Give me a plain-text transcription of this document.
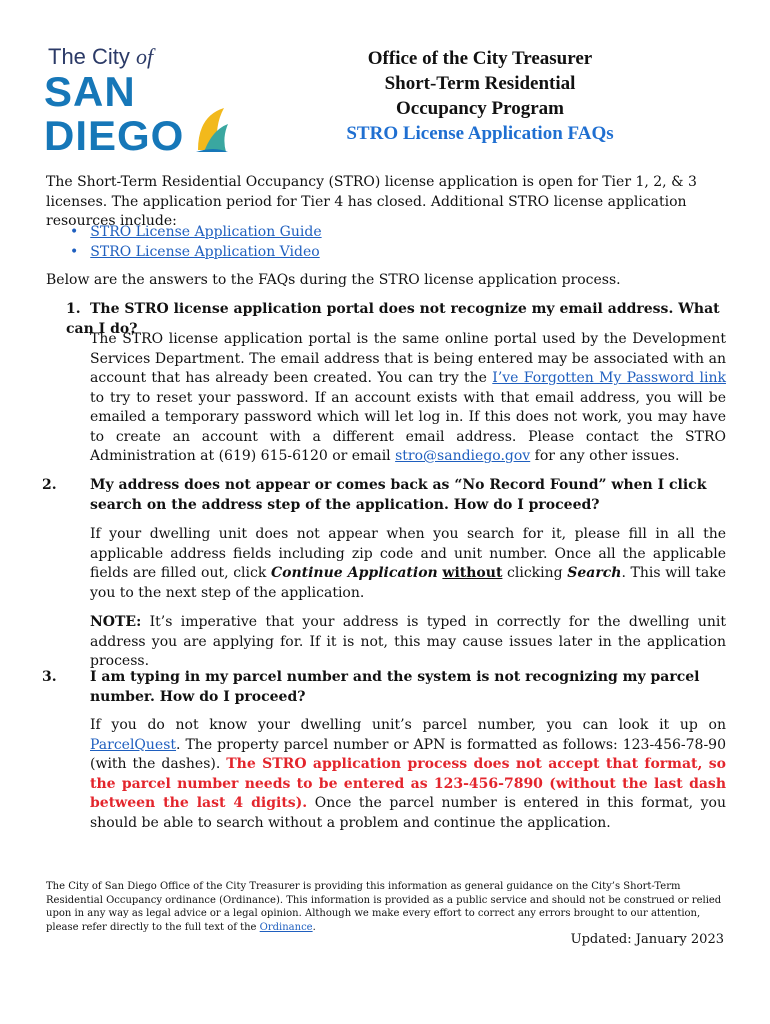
The City of
SAN
DIEGO
Office of the City Treasurer
Short-Term Residential
Occupancy Program
STRO License Application FAQs

The Short-Term Residential Occupancy (STRO) license application is open for Tier 1, 2, & 3 licenses. The application period for Tier 4 has closed. Additional STRO license application resources include:

• STRO License Application Guide
• STRO License Application Video

Below are the answers to the FAQs during the STRO license application process.

1. The STRO license application portal does not recognize my email address. What can I do?

The STRO license application portal is the same online portal used by the Development Services Department. The email address that is being entered may be associated with an account that has already been created. You can try the I’ve Forgotten My Password link to try to reset your password. If an account exists with that email address, you will be emailed a temporary password which will let log in. If this does not work, you may have to create an account with a different email address. Please contact the STRO Administration at (619) 615-6120 or email stro@sandiego.gov for any other issues.

2. My address does not appear or comes back as “No Record Found” when I click search on the address step of the application. How do I proceed?

If your dwelling unit does not appear when you search for it, please fill in all the applicable address fields including zip code and unit number. Once all the applicable fields are filled out, click Continue Application without clicking Search. This will take you to the next step of the application.

NOTE: It’s imperative that your address is typed in correctly for the dwelling unit address you are applying for. If it is not, this may cause issues later in the application process.

3. I am typing in my parcel number and the system is not recognizing my parcel number. How do I proceed?

If you do not know your dwelling unit’s parcel number, you can look it up on ParcelQuest. The property parcel number or APN is formatted as follows: 123-456-78-90 (with the dashes). The STRO application process does not accept that format, so the parcel number needs to be entered as 123-456-7890 (without the last dash between the last 4 digits). Once the parcel number is entered in this format, you should be able to search without a problem and continue the application.

The City of San Diego Office of the City Treasurer is providing this information as general guidance on the City’s Short-Term Residential Occupancy ordinance (Ordinance). This information is provided as a public service and should not be construed or relied upon in any way as legal advice or a legal opinion. Although we make every effort to correct any errors brought to our attention, please refer directly to the full text of the Ordinance.

Updated: January 2023
